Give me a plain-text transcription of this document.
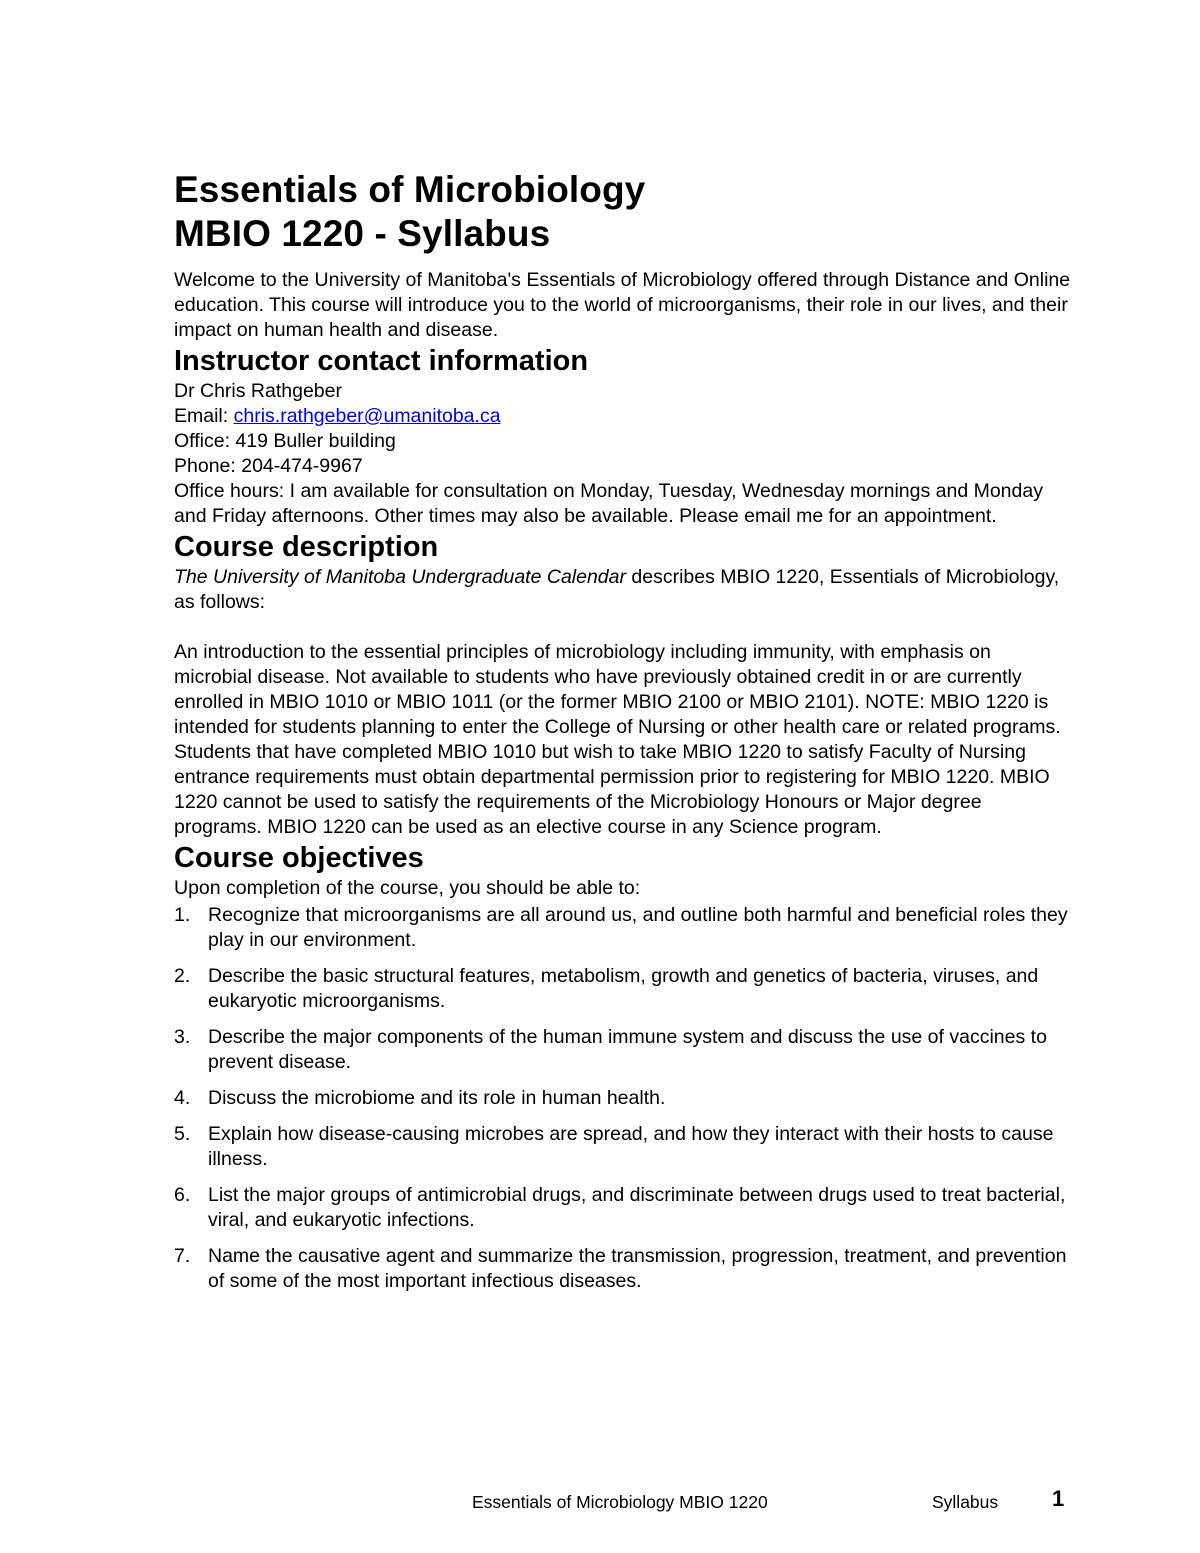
Essentials of Microbiology
MBIO 1220 - Syllabus

Welcome to the University of Manitoba's Essentials of Microbiology offered through Distance and Online education. This course will introduce you to the world of microorganisms, their role in our lives, and their impact on human health and disease.

Instructor contact information

Dr Chris Rathgeber

Email: chris.rathgeber@umanitoba.ca

Office: 419 Buller building

Phone: 204-474-9967

Office hours: I am available for consultation on Monday, Tuesday, Wednesday mornings and Monday and Friday afternoons. Other times may also be available. Please email me for an appointment.

Course description

The University of Manitoba Undergraduate Calendar describes MBIO 1220, Essentials of Microbiology, as follows:

An introduction to the essential principles of microbiology including immunity, with emphasis on microbial disease. Not available to students who have previously obtained credit in or are currently enrolled in MBIO 1010 or MBIO 1011 (or the former MBIO 2100 or MBIO 2101). NOTE: MBIO 1220 is intended for students planning to enter the College of Nursing or other health care or related programs. Students that have completed MBIO 1010 but wish to take MBIO 1220 to satisfy Faculty of Nursing entrance requirements must obtain departmental permission prior to registering for MBIO 1220. MBIO 1220 cannot be used to satisfy the requirements of the Microbiology Honours or Major degree programs. MBIO 1220 can be used as an elective course in any Science program.

Course objectives

Upon completion of the course, you should be able to:

1. Recognize that microorganisms are all around us, and outline both harmful and beneficial roles they play in our environment.
2. Describe the basic structural features, metabolism, growth and genetics of bacteria, viruses, and eukaryotic microorganisms.
3. Describe the major components of the human immune system and discuss the use of vaccines to prevent disease.
4. Discuss the microbiome and its role in human health.
5. Explain how disease-causing microbes are spread, and how they interact with their hosts to cause illness.
6. List the major groups of antimicrobial drugs, and discriminate between drugs used to treat bacterial, viral, and eukaryotic infections.
7. Name the causative agent and summarize the transmission, progression, treatment, and prevention of some of the most important infectious diseases.
Essentials of Microbiology MBIO 1220	Syllabus 1
